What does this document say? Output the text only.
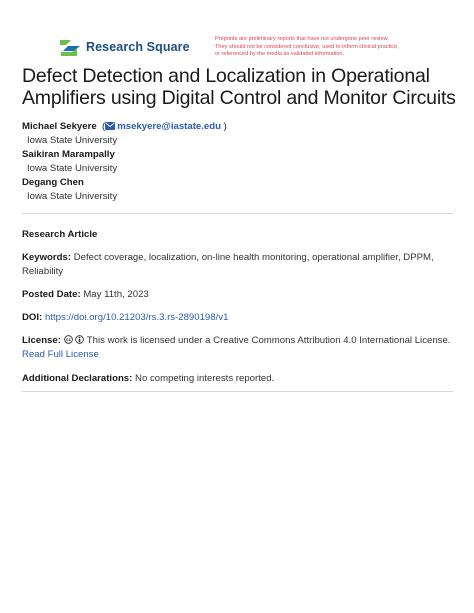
Research Square
Preprints are preliminary reports that have not undergone peer review.
They should not be considered conclusive, used to inform clinical practice,
or referenced by the media as validated information.
Defect Detection and Localization in Operational
Amplifiers using Digital Control and Monitor Circuits
Michael Sekyere  ( msekyere@iastate.edu )
Iowa State University
Saikiran Marampally
Iowa State University
Degang Chen
Iowa State University
Research Article
Keywords: Defect coverage, localization, on-line health monitoring, operational amplifier, DPPM,
Reliability
Posted Date: May 11th, 2023
DOI: https://doi.org/10.21203/rs.3.rs-2890198/v1
License: cc This work is licensed under a Creative Commons Attribution 4.0 International License.
Read Full License
Additional Declarations: No competing interests reported.
